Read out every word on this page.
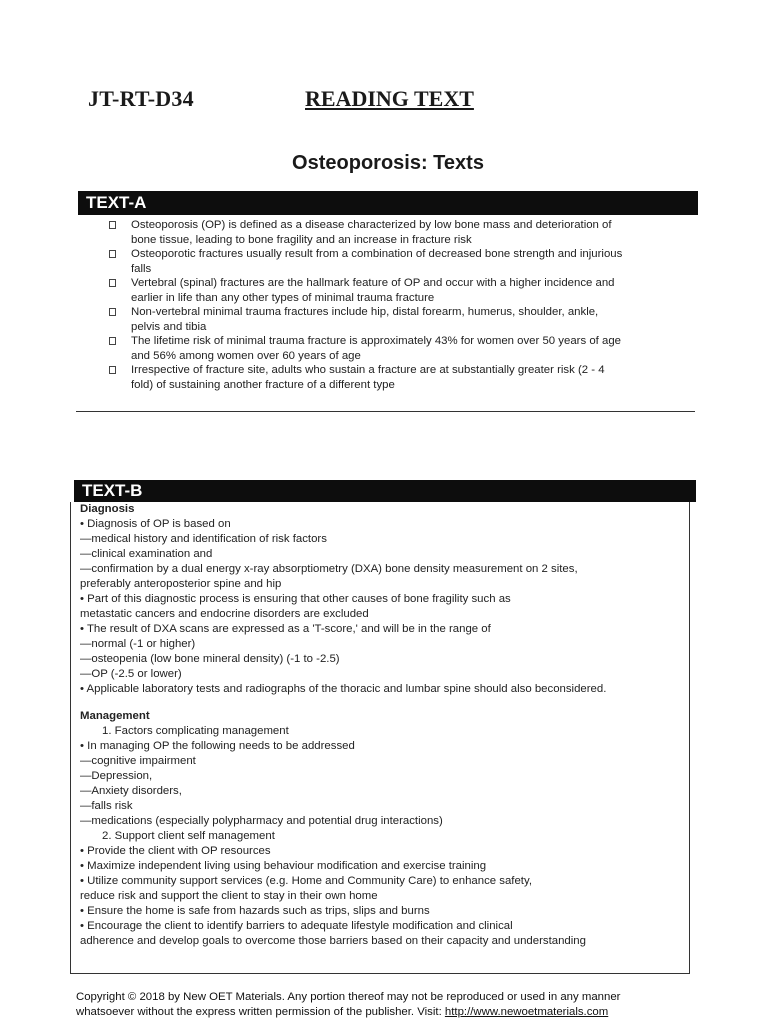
JT-RT-D34	READING TEXT
Osteoporosis: Texts
TEXT-A
Osteoporosis (OP) is defined as a disease characterized by low bone mass and deterioration of
bone tissue, leading to bone fragility and an increase in fracture risk
Osteoporotic fractures usually result from a combination of decreased bone strength and injurious
falls
Vertebral (spinal) fractures are the hallmark feature of OP and occur with a higher incidence and
earlier in life than any other types of minimal trauma fracture
Non-vertebral minimal trauma fractures include hip, distal forearm, humerus, shoulder, ankle,
pelvis and tibia
The lifetime risk of minimal trauma fracture is approximately 43% for women over 50 years of age
and 56% among women over 60 years of age
Irrespective of fracture site, adults who sustain a fracture are at substantially greater risk (2 - 4
fold) of sustaining another fracture of a different type
TEXT-B
Diagnosis
• Diagnosis of OP is based on
—medical history and identification of risk factors
—clinical examination and
—confirmation by a dual energy x-ray absorptiometry (DXA) bone density measurement on 2 sites,
preferably anteroposterior spine and hip
• Part of this diagnostic process is ensuring that other causes of bone fragility such as
metastatic cancers and endocrine disorders are excluded
• The result of DXA scans are expressed as a 'T-score,' and will be in the range of
—normal (-1 or higher)
—osteopenia (low bone mineral density) (-1 to -2.5)
—OP (-2.5 or lower)
• Applicable laboratory tests and radiographs of the thoracic and lumbar spine should also beconsidered.
Management
1. Factors complicating management
• In managing OP the following needs to be addressed
—cognitive impairment
—Depression,
—Anxiety disorders,
—falls risk
—medications (especially polypharmacy and potential drug interactions)
2. Support client self management
• Provide the client with OP resources
• Maximize independent living using behaviour modification and exercise training
• Utilize community support services (e.g. Home and Community Care) to enhance safety,
reduce risk and support the client to stay in their own home
• Ensure the home is safe from hazards such as trips, slips and burns
• Encourage the client to identify barriers to adequate lifestyle modification and clinical
adherence and develop goals to overcome those barriers based on their capacity and understanding
Copyright © 2018 by New OET Materials. Any portion thereof may not be reproduced or used in any manner
whatsoever without the express written permission of the publisher. Visit: http://www.newoetmaterials.com
